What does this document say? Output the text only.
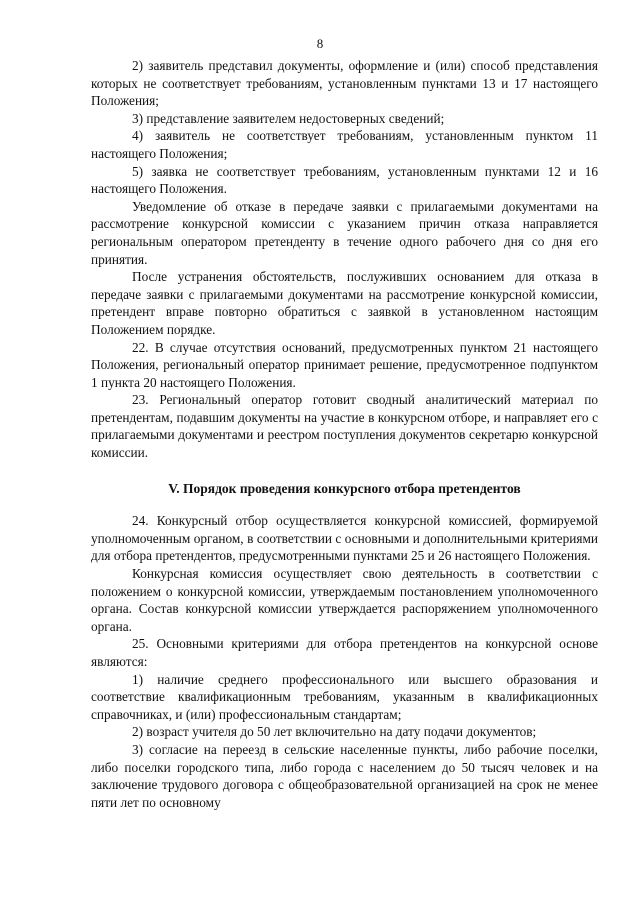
8

2) заявитель представил документы, оформление и (или) способ представления которых не соответствует требованиям, установленным пунктами 13 и 17 настоящего Положения;

3) представление заявителем недостоверных сведений;

4) заявитель не соответствует требованиям, установленным пунктом 11 настоящего Положения;

5) заявка не соответствует требованиям, установленным пунктами 12 и 16 настоящего Положения.

Уведомление об отказе в передаче заявки с прилагаемыми документами на рассмотрение конкурсной комиссии с указанием причин отказа направляется региональным оператором претенденту в течение одного рабочего дня со дня его принятия.

После устранения обстоятельств, послуживших основанием для отказа в передаче заявки с прилагаемыми документами на рассмотрение конкурсной комиссии, претендент вправе повторно обратиться с заявкой в установленном настоящим Положением порядке.

22. В случае отсутствия оснований, предусмотренных пунктом 21 настоящего Положения, региональный оператор принимает решение, предусмотренное подпунктом 1 пункта 20 настоящего Положения.

23. Региональный оператор готовит сводный аналитический материал по претендентам, подавшим документы на участие в конкурсном отборе, и направляет его с прилагаемыми документами и реестром поступления документов секретарю конкурсной комиссии.

V. Порядок проведения конкурсного отбора претендентов

24. Конкурсный отбор осуществляется конкурсной комиссией, формируемой уполномоченным органом, в соответствии с основными и дополнительными критериями для отбора претендентов, предусмотренными пунктами 25 и 26 настоящего Положения.

Конкурсная комиссия осуществляет свою деятельность в соответствии с положением о конкурсной комиссии, утверждаемым постановлением уполномоченного органа. Состав конкурсной комиссии утверждается распоряжением уполномоченного органа.

25. Основными критериями для отбора претендентов на конкурсной основе являются:

1) наличие среднего профессионального или высшего образования и соответствие квалификационным требованиям, указанным в квалификационных справочниках, и (или) профессиональным стандартам;

2) возраст учителя до 50 лет включительно на дату подачи документов;

3) согласие на переезд в сельские населенные пункты, либо рабочие поселки, либо поселки городского типа, либо города с населением до 50 тысяч человек и на заключение трудового договора с общеобразовательной организацией на срок не менее пяти лет по основному
